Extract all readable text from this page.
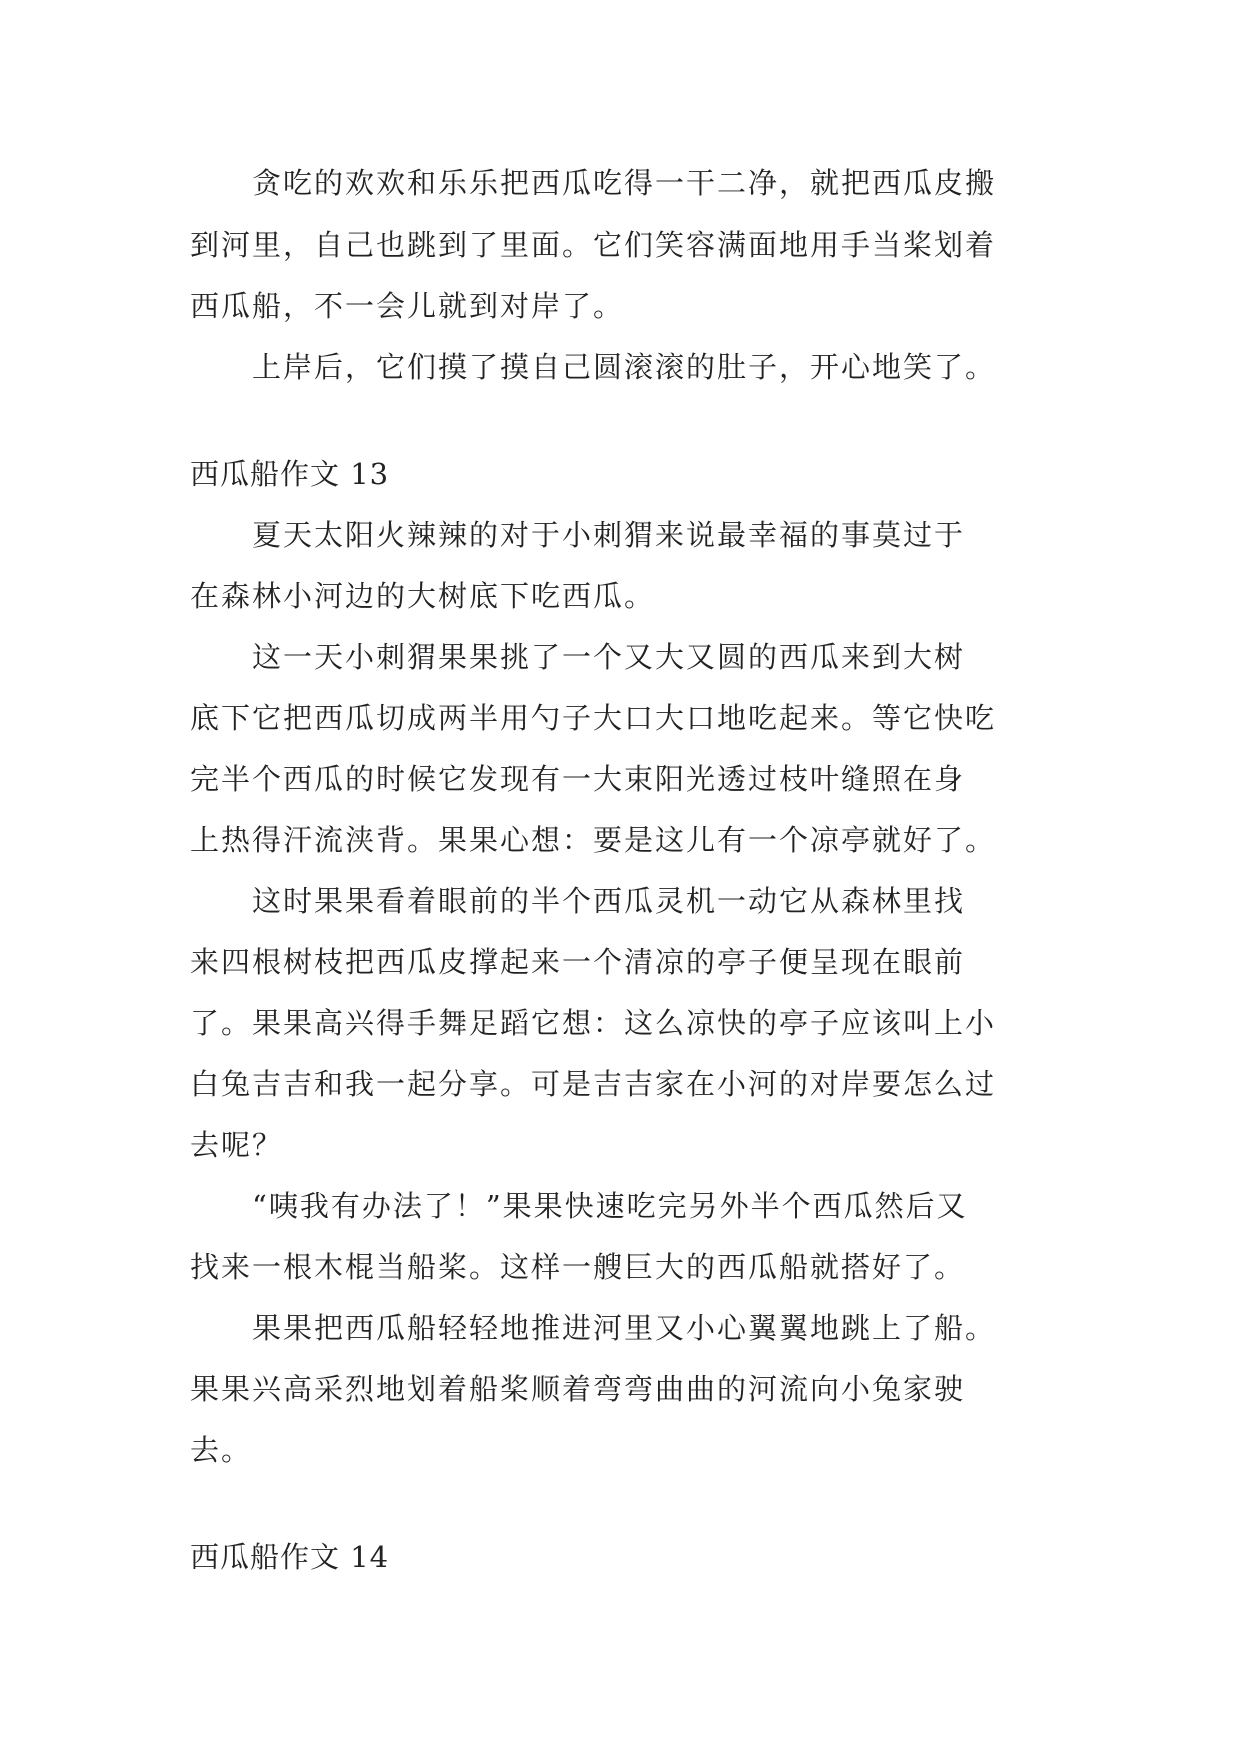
贪吃的欢欢和乐乐把西瓜吃得一干二净，就把西瓜皮搬
到河里，自己也跳到了里面。它们笑容满面地用手当桨划着
西瓜船，不一会儿就到对岸了。
上岸后，它们摸了摸自己圆滚滚的肚子，开心地笑了。
西瓜船作文 13
夏天太阳火辣辣的对于小刺猬来说最幸福的事莫过于
在森林小河边的大树底下吃西瓜。
这一天小刺猬果果挑了一个又大又圆的西瓜来到大树
底下它把西瓜切成两半用勺子大口大口地吃起来。等它快吃
完半个西瓜的时候它发现有一大束阳光透过枝叶缝照在身
上热得汗流浃背。果果心想：要是这儿有一个凉亭就好了。
这时果果看着眼前的半个西瓜灵机一动它从森林里找
来四根树枝把西瓜皮撑起来一个清凉的亭子便呈现在眼前
了。果果高兴得手舞足蹈它想：这么凉快的亭子应该叫上小
白兔吉吉和我一起分享。可是吉吉家在小河的对岸要怎么过
去呢？
“咦我有办法了！”果果快速吃完另外半个西瓜然后又
找来一根木棍当船桨。这样一艘巨大的西瓜船就搭好了。
果果把西瓜船轻轻地推进河里又小心翼翼地跳上了船。
果果兴高采烈地划着船桨顺着弯弯曲曲的河流向小兔家驶
去。
西瓜船作文 14
